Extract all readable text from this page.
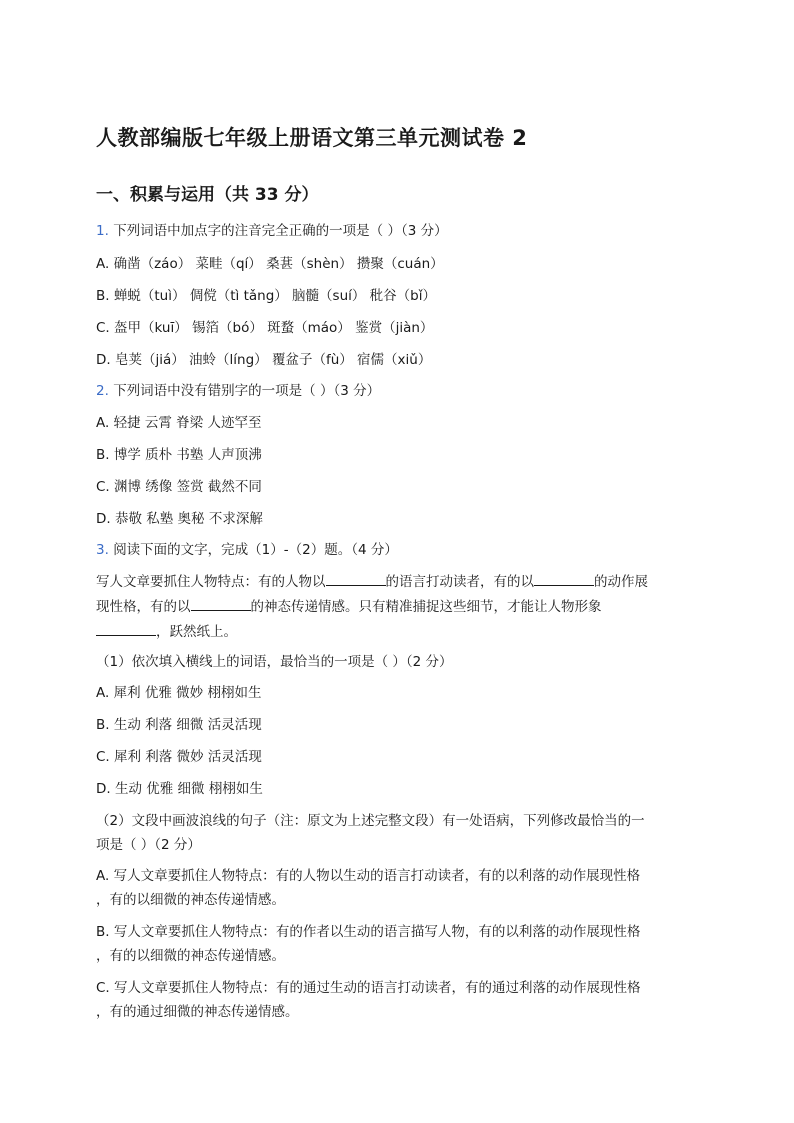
人教部编版七年级上册语文第三单元测试卷 2
一、积累与运用（共 33 分）
1. 下列词语中加点字的注音完全正确的一项是（ ）（3 分）
A. 确凿（záo） 菜畦（qí） 桑葚（shèn） 攒聚（cuán）
B. 蝉蜕（tuì） 倜傥（tì tǎng） 脑髓（suí） 秕谷（bǐ）
C. 盔甲（kuī） 锡箔（bó） 斑蝥（máo） 鉴赏（jiàn）
D. 皂荚（jiá） 油蛉（líng） 覆盆子（fù） 宿儒（xiǔ）
2. 下列词语中没有错别字的一项是（ ）（3 分）
A. 轻捷 云霄 脊梁 人迹罕至
B. 博学 质朴 书塾 人声顶沸
C. 渊博 绣像 签赏 截然不同
D. 恭敬 私塾 奥秘 不求深解
3. 阅读下面的文字，完成（1）-（2）题。（4 分）
写人文章要抓住人物特点：有的人物以	的语言打动读者，有的以	的动作展
现性格，有的以	的神态传递情感。只有精准捕捉这些细节，才能让人物形象
，跃然纸上。
（1）依次填入横线上的词语，最恰当的一项是（ ）（2 分）
A. 犀利 优雅 微妙 栩栩如生
B. 生动 利落 细微 活灵活现
C. 犀利 利落 微妙 活灵活现
D. 生动 优雅 细微 栩栩如生
（2）文段中画波浪线的句子（注：原文为上述完整文段）有一处语病，下列修改最恰当的一
项是（ ）（2 分）
A. 写人文章要抓住人物特点：有的人物以生动的语言打动读者，有的以利落的动作展现性格
，有的以细微的神态传递情感。
B. 写人文章要抓住人物特点：有的作者以生动的语言描写人物，有的以利落的动作展现性格
，有的以细微的神态传递情感。
C. 写人文章要抓住人物特点：有的通过生动的语言打动读者，有的通过利落的动作展现性格
，有的通过细微的神态传递情感。
